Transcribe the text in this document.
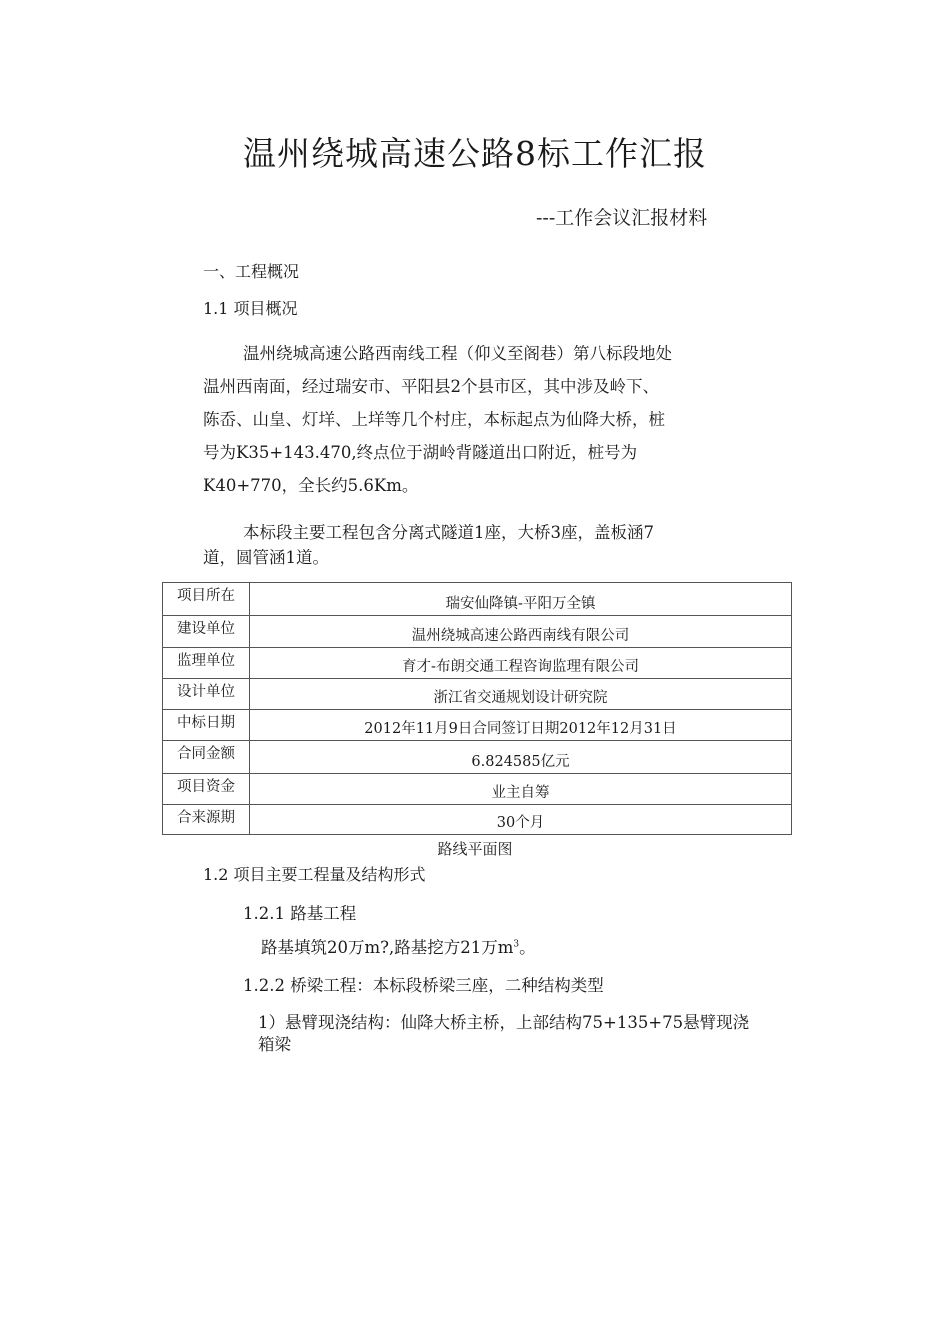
温州绕城高速公路8标工作汇报
---工作会议汇报材料
一、工程概况
1.1 项目概况

温州绕城高速公路西南线工程（仰义至阁巷）第八标段地处

温州西南面，经过瑞安市、平阳县2个县市区，其中涉及岭下、

陈岙、山皇、灯垟、上垟等几个村庄，本标起点为仙降大桥，桩

号为K35+143.470,终点位于湖岭背隧道出口附近，桩号为

K40+770，全长约5.6Km。

本标段主要工程包含分离式隧道1座，大桥3座，盖板涵7

道，圆管涵1道。

项目所在	瑞安仙降镇-平阳万全镇

建设单位	温州绕城高速公路西南线有限公司

监理单位	育才-布朗交通工程咨询监理有限公司

设计单位	浙江省交通规划设计研究院

中标日期	2012年11月9日合同签订日期2012年12月31日

合同金额	6.824585亿元

项目资金	业主自筹

合来源期	30个月
路线平面图
1.2 项目主要工程量及结构形式
1.2.1 路基工程
路基填筑20万m?,路基挖方21万$m^3$。
1.2.2 桥梁工程：本标段桥梁三座，二种结构类型
1）悬臂现浇结构：仙降大桥主桥，上部结构75+135+75悬臂现浇箱梁
